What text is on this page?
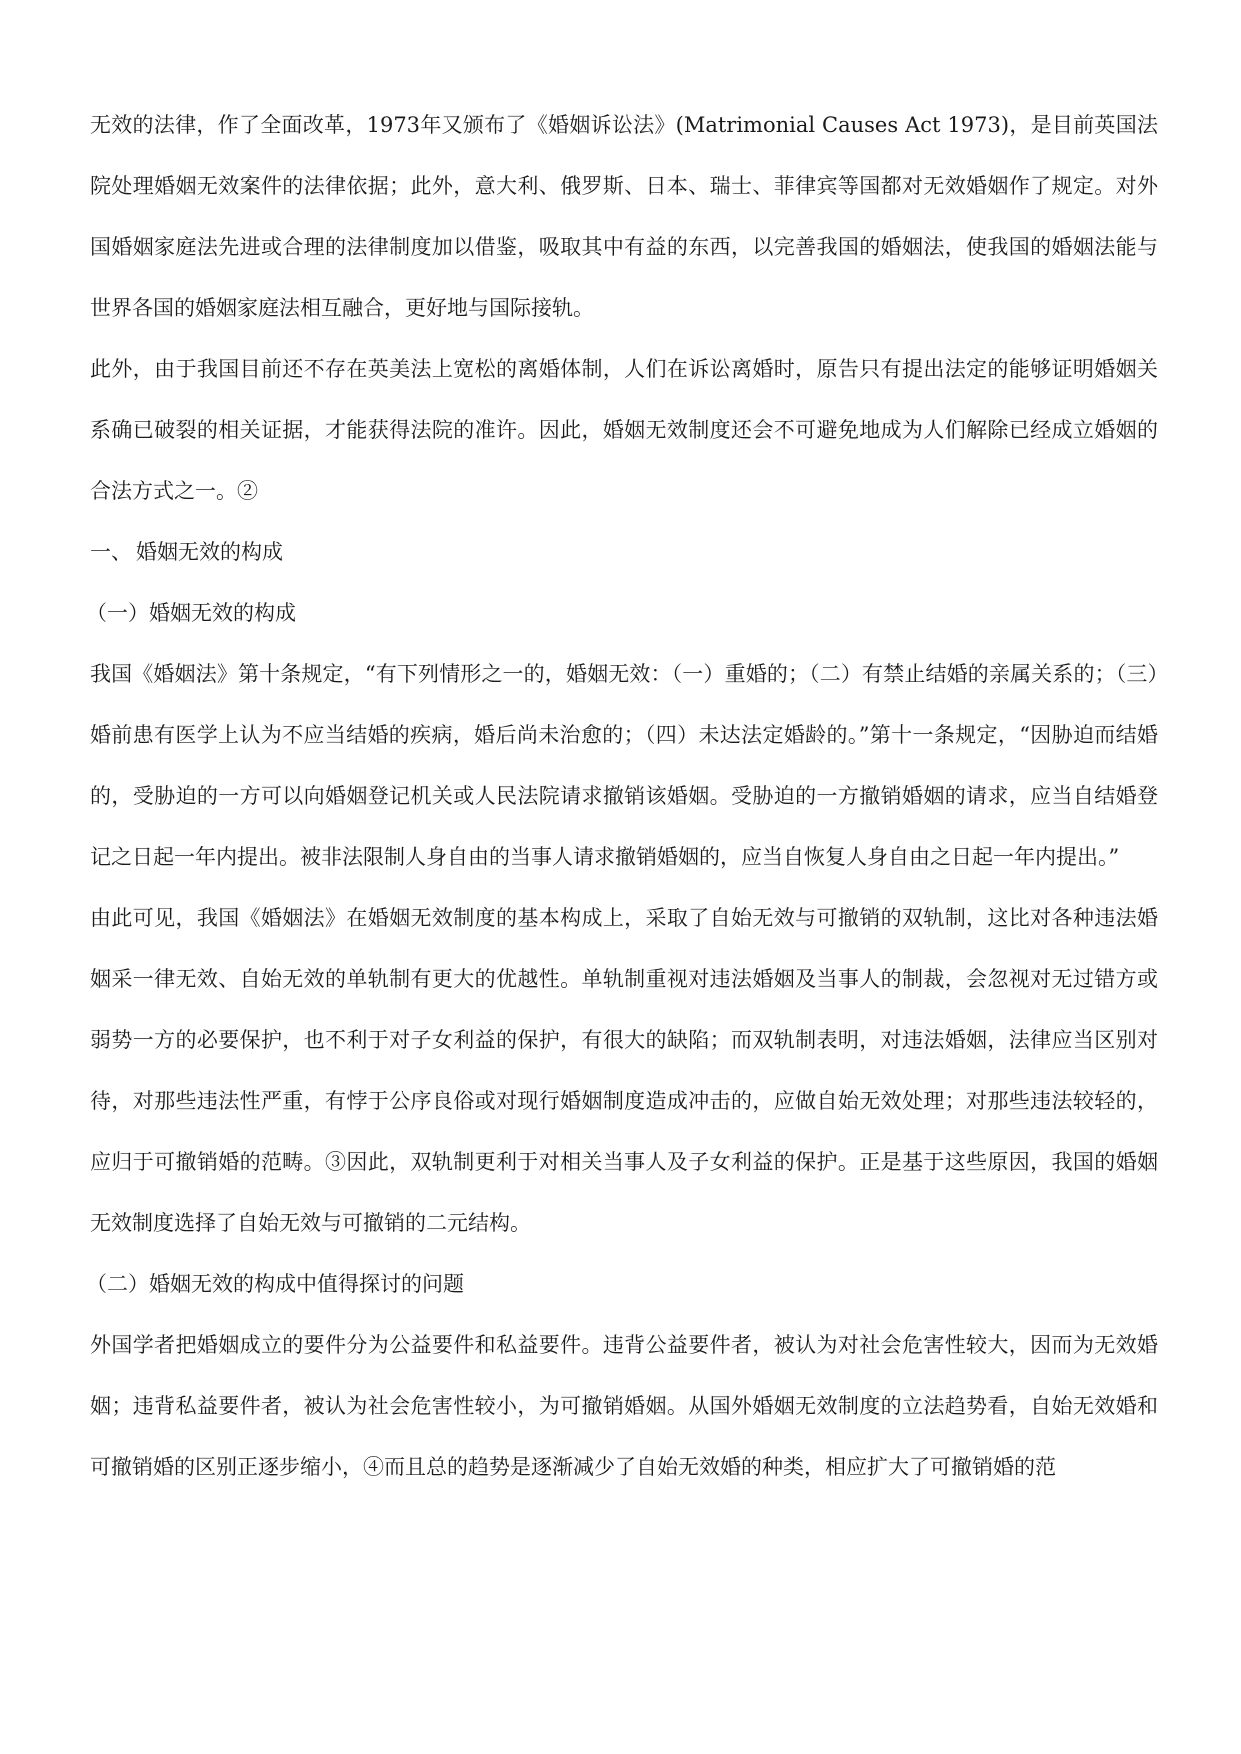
无效的法律，作了全面改革，1973年又颁布了《婚姻诉讼法》(Matrimonial Causes Act 1973)，是目前英国法院处理婚姻无效案件的法律依据；此外，意大利、俄罗斯、日本、瑞士、菲律宾等国都对无效婚姻作了规定。对外国婚姻家庭法先进或合理的法律制度加以借鉴，吸取其中有益的东西，以完善我国的婚姻法，使我国的婚姻法能与世界各国的婚姻家庭法相互融合，更好地与国际接轨。

此外，由于我国目前还不存在英美法上宽松的离婚体制，人们在诉讼离婚时，原告只有提出法定的能够证明婚姻关系确已破裂的相关证据，才能获得法院的准许。因此，婚姻无效制度还会不可避免地成为人们解除已经成立婚姻的合法方式之一。②

一、 婚姻无效的构成

（一）婚姻无效的构成

我国《婚姻法》第十条规定，“有下列情形之一的，婚姻无效：（一）重婚的；（二）有禁止结婚的亲属关系的；（三）婚前患有医学上认为不应当结婚的疾病，婚后尚未治愈的；（四）未达法定婚龄的。”第十一条规定，“因胁迫而结婚的，受胁迫的一方可以向婚姻登记机关或人民法院请求撤销该婚姻。受胁迫的一方撤销婚姻的请求，应当自结婚登记之日起一年内提出。被非法限制人身自由的当事人请求撤销婚姻的，应当自恢复人身自由之日起一年内提出。”

由此可见，我国《婚姻法》在婚姻无效制度的基本构成上，采取了自始无效与可撤销的双轨制，这比对各种违法婚姻采一律无效、自始无效的单轨制有更大的优越性。单轨制重视对违法婚姻及当事人的制裁，会忽视对无过错方或弱势一方的必要保护，也不利于对子女利益的保护，有很大的缺陷；而双轨制表明，对违法婚姻，法律应当区别对待，对那些违法性严重，有悖于公序良俗或对现行婚姻制度造成冲击的，应做自始无效处理；对那些违法较轻的，应归于可撤销婚的范畴。③因此，双轨制更利于对相关当事人及子女利益的保护。正是基于这些原因，我国的婚姻无效制度选择了自始无效与可撤销的二元结构。

（二）婚姻无效的构成中值得探讨的问题

外国学者把婚姻成立的要件分为公益要件和私益要件。违背公益要件者，被认为对社会危害性较大，因而为无效婚姻；违背私益要件者，被认为社会危害性较小，为可撤销婚姻。从国外婚姻无效制度的立法趋势看，自始无效婚和可撤销婚的区别正逐步缩小，④而且总的趋势是逐渐减少了自始无效婚的种类，相应扩大了可撤销婚的范
